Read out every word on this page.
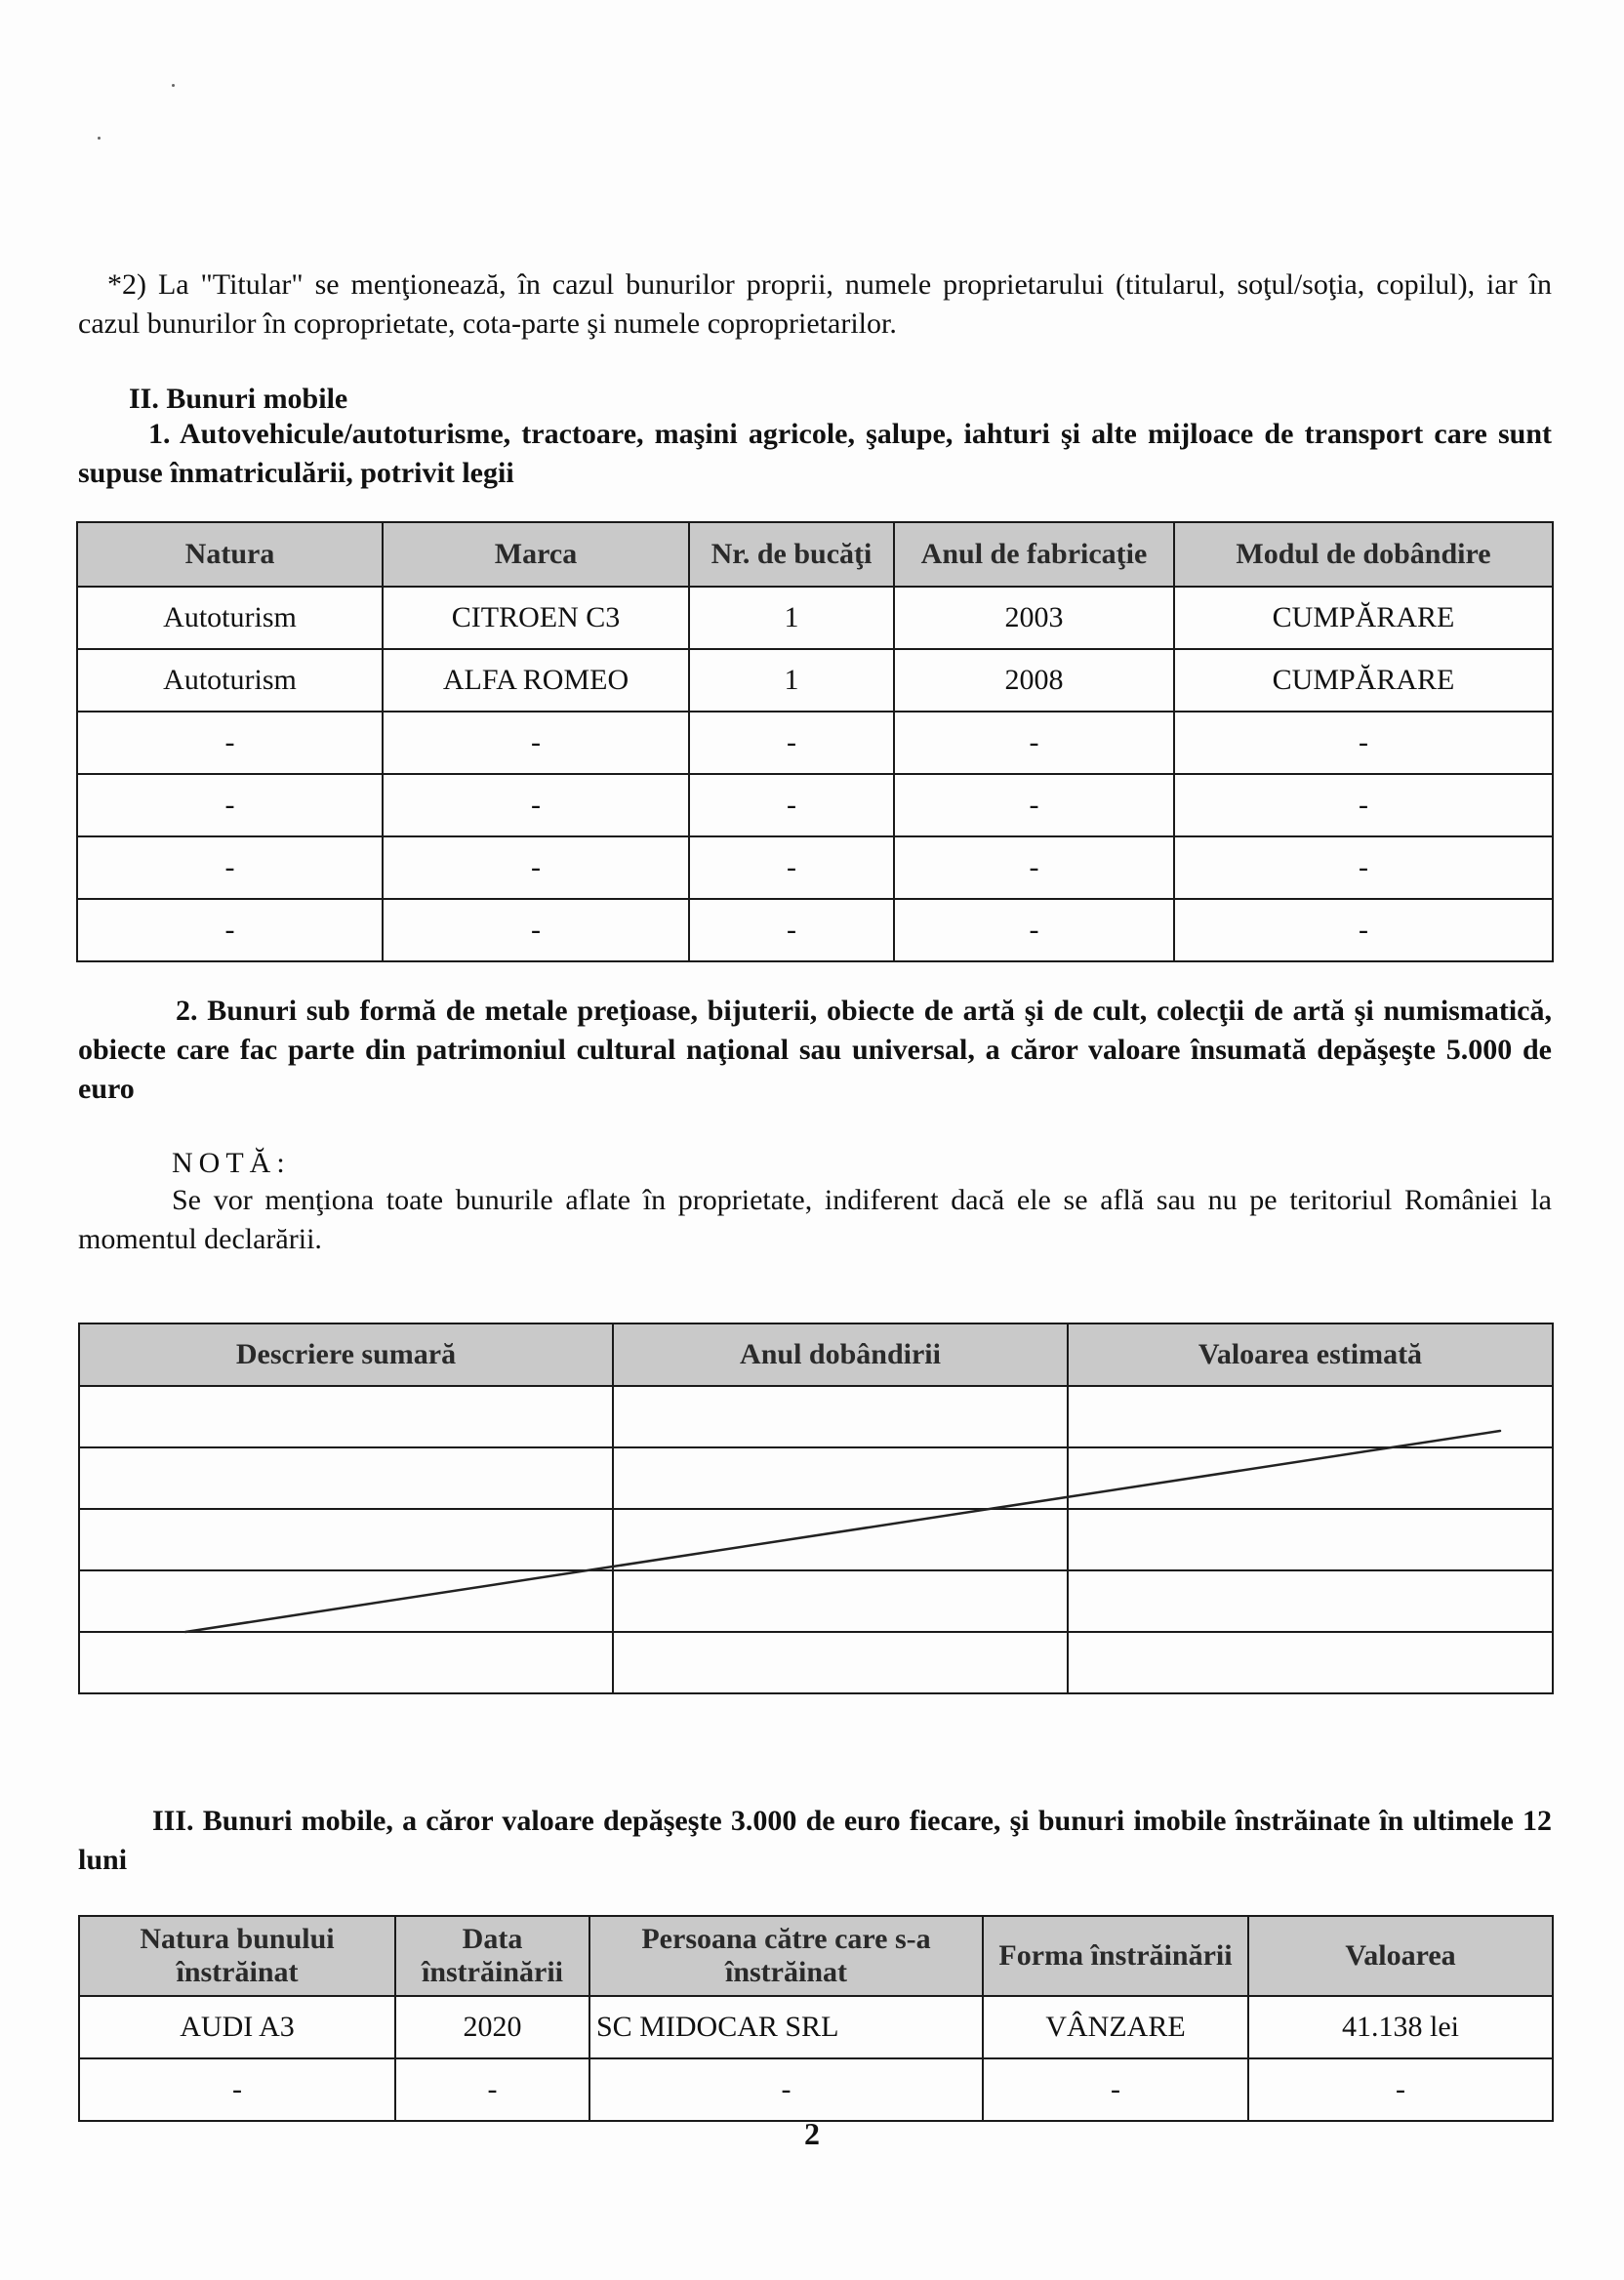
*2) La "Titular" se menţionează, în cazul bunurilor proprii, numele proprietarului (titularul, soţul/soţia, copilul), iar în cazul bunurilor în coproprietate, cota-parte şi numele coproprietarilor.
II. Bunuri mobile
1. Autovehicule/autoturisme, tractoare, maşini agricole, şalupe, iahturi şi alte mijloace de transport care sunt supuse înmatriculării, potrivit legii
Natura	Marca	Nr. de bucăţi	Anul de fabricaţie	Modul de dobândire
Autoturism	CITROEN C3	1	2003	CUMPĂRARE
Autoturism	ALFA ROMEO	1	2008	CUMPĂRARE
-	-	-	-	-
-	-	-	-	-
-	-	-	-	-
-	-	-	-	-
2. Bunuri sub formă de metale preţioase, bijuterii, obiecte de artă şi de cult, colecţii de artă şi numismatică, obiecte care fac parte din patrimoniul cultural naţional sau universal, a căror valoare însumată depăşeşte 5.000 de euro
NOTĂ:
Se vor menţiona toate bunurile aflate în proprietate, indiferent dacă ele se află sau nu pe teritoriul României la momentul declarării.
Descriere sumară	Anul dobândirii	Valoarea estimată

III. Bunuri mobile, a căror valoare depăşeşte 3.000 de euro fiecare, şi bunuri imobile înstrăinate în ultimele 12 luni
Natura bunului înstrăinat	Data înstrăinării	Persoana către care s-a înstrăinat	Forma înstrăinării	Valoarea
AUDI A3	2020	SC MIDOCAR SRL	VÂNZARE	41.138 lei
-	-	-	-	-
2
